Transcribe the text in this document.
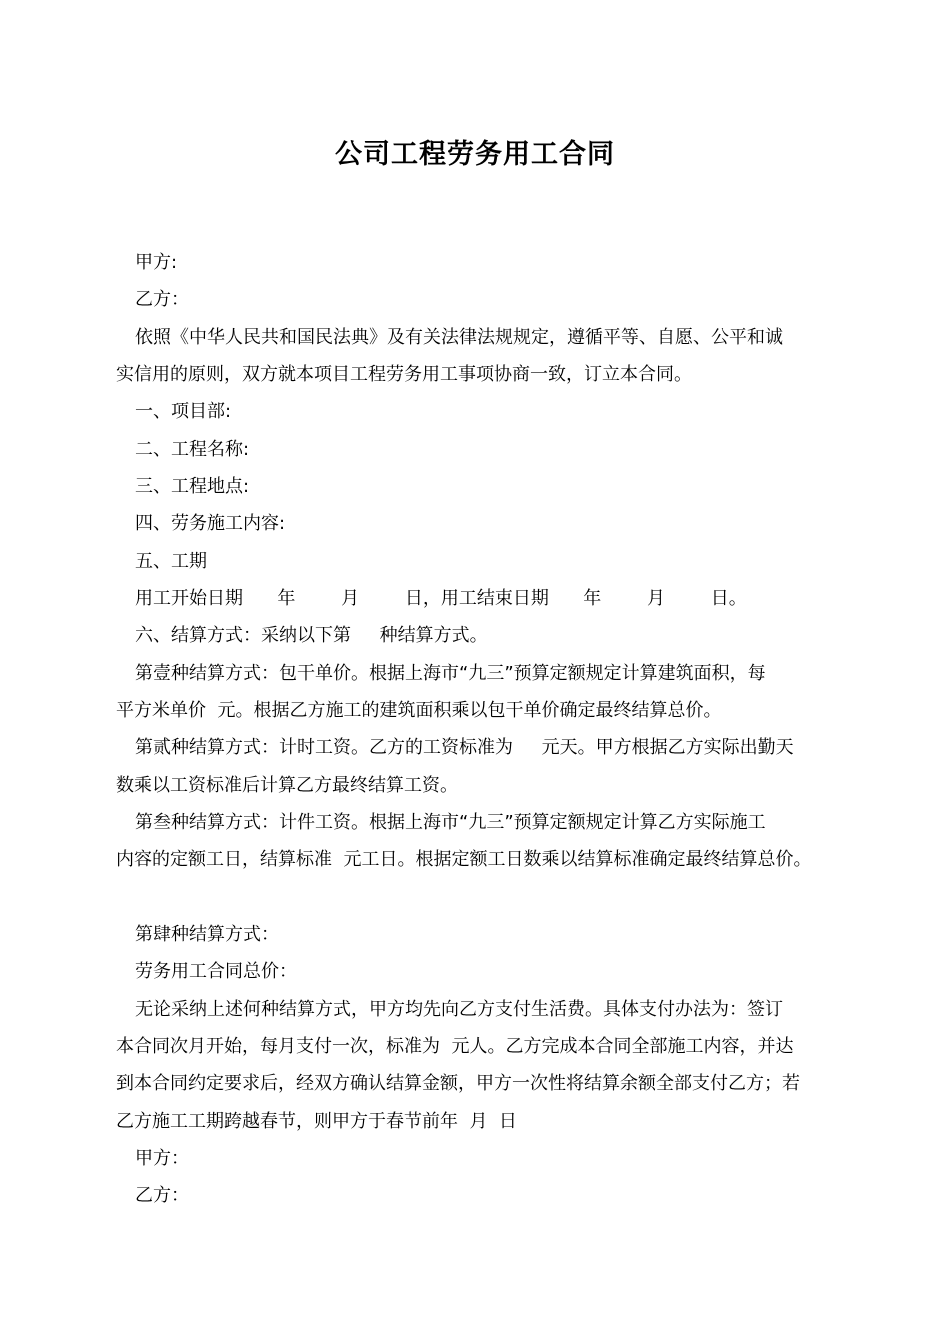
公司工程劳务用工合同

甲方:

乙方：

依照《中华人民共和国民法典》及有关法律法规规定，遵循平等、自愿、公平和诚

实信用的原则，双方就本项目工程劳务用工事项协商一致，订立本合同。

一、项目部:

二、工程名称:

三、工程地点:

四、劳务施工内容:

五、工期

用工开始日期      年        月        日，用工结束日期      年        月        日。

六、结算方式：采纳以下第     种结算方式。

第壹种结算方式：包干单价。根据上海市“九三”预算定额规定计算建筑面积，每

平方米单价  元。根据乙方施工的建筑面积乘以包干单价确定最终结算总价。

第贰种结算方式：计时工资。乙方的工资标准为     元天。甲方根据乙方实际出勤天

数乘以工资标准后计算乙方最终结算工资。

第叁种结算方式：计件工资。根据上海市“九三”预算定额规定计算乙方实际施工

内容的定额工日，结算标准  元工日。根据定额工日数乘以结算标准确定最终结算总价。

第肆种结算方式：

劳务用工合同总价：

无论采纳上述何种结算方式，甲方均先向乙方支付生活费。具体支付办法为：签订

本合同次月开始，每月支付一次，标准为  元人。乙方完成本合同全部施工内容，并达

到本合同约定要求后，经双方确认结算金额，甲方一次性将结算余额全部支付乙方；若

乙方施工工期跨越春节，则甲方于春节前年  月  日

甲方：

乙方：
